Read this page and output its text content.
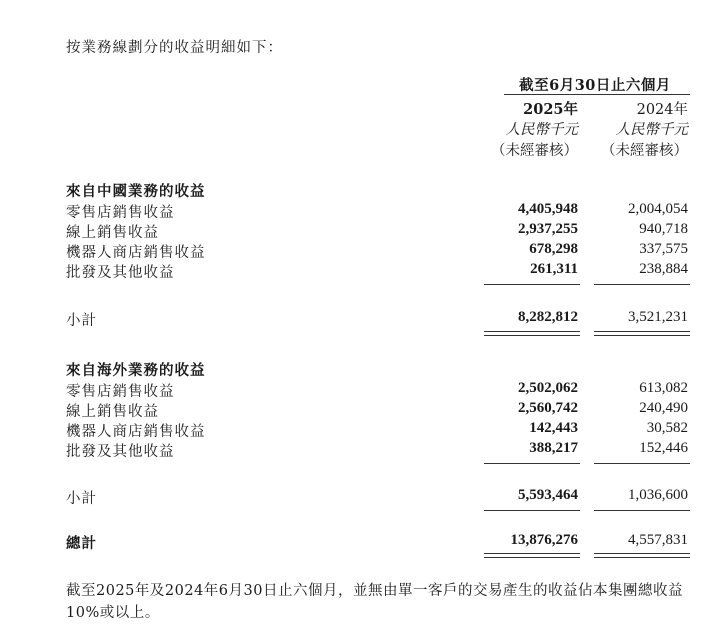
按業務線劃分的收益明細如下：
截至6月30日止六個月
2025年	2024年
人民幣千元	人民幣千元
（未經審核）	（未經審核）
來自中國業務的收益
零售店銷售收益	4,405,948	2,004,054
線上銷售收益	2,937,255	940,718
機器人商店銷售收益	678,298	337,575
批發及其他收益	261,311	238,884
小計	8,282,812	3,521,231
來自海外業務的收益
零售店銷售收益	2,502,062	613,082
線上銷售收益	2,560,742	240,490
機器人商店銷售收益	142,443	30,582
批發及其他收益	388,217	152,446
小計	5,593,464	1,036,600
總計	13,876,276	4,557,831
截至2025年及2024年6月30日止六個月，並無由單一客戶的交易產生的收益佔本集團總收益10%或以上。
